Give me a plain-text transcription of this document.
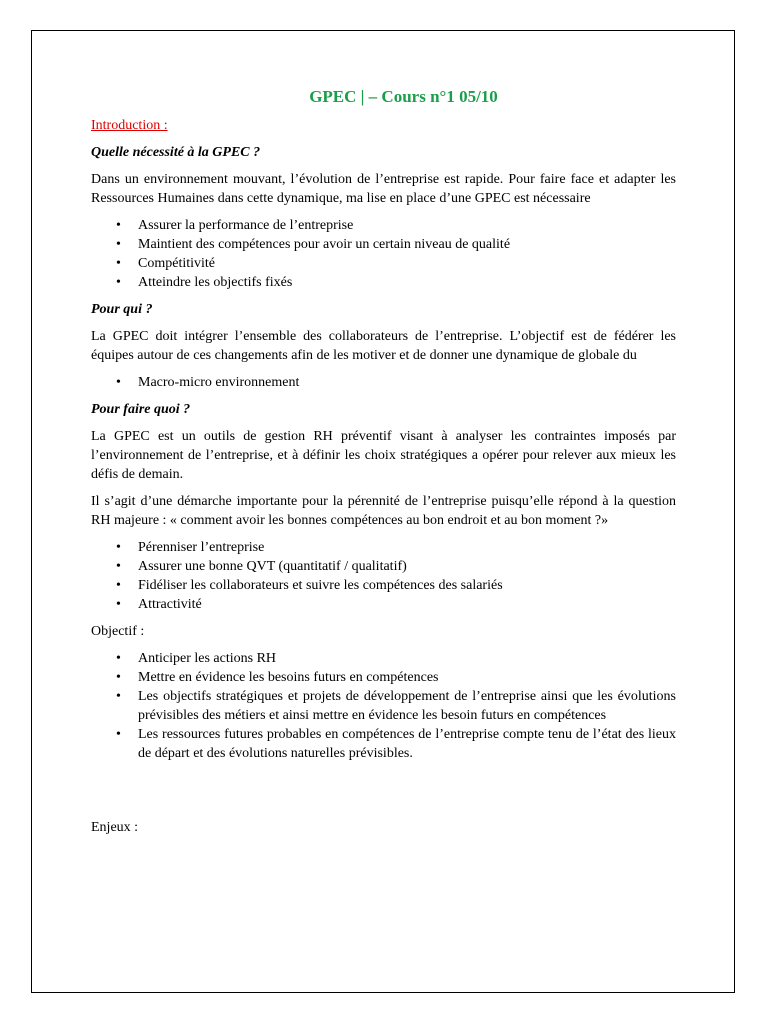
GPEC | – Cours n°1 05/10
Introduction :
Quelle nécessité à la GPEC ?
Dans un environnement mouvant, l’évolution de l’entreprise est rapide. Pour faire face et adapter les Ressources Humaines dans cette dynamique, ma lise en place d’une GPEC est nécessaire
• Assurer la performance de l’entreprise
• Maintient des compétences pour avoir un certain niveau de qualité
• Compétitivité
• Atteindre les objectifs fixés
Pour qui ?
La GPEC doit intégrer l’ensemble des collaborateurs de l’entreprise. L’objectif est de fédérer les équipes autour de ces changements afin de les motiver et de donner une dynamique de globale du
• Macro-micro environnement
Pour faire quoi ?
La GPEC est un outils de gestion RH préventif visant à analyser les contraintes imposés par l’environnement de l’entreprise, et à définir les choix stratégiques a opérer pour relever aux mieux les défis de demain.
Il s’agit d’une démarche importante pour la pérennité de l’entreprise puisqu’elle répond à la question RH majeure : « comment avoir les bonnes compétences au bon endroit et au bon moment ?»
• Pérenniser l’entreprise
• Assurer une bonne QVT (quantitatif / qualitatif)
• Fidéliser les collaborateurs et suivre les compétences des salariés
• Attractivité
Objectif :
• Anticiper les actions RH
• Mettre en évidence les besoins futurs en compétences
• Les objectifs stratégiques et projets de développement de l’entreprise ainsi que les évolutions prévisibles des métiers et ainsi mettre en évidence les besoin futurs en compétences
• Les ressources futures probables en compétences de l’entreprise compte tenu de l’état des lieux de départ et des évolutions naturelles prévisibles.
Enjeux :
